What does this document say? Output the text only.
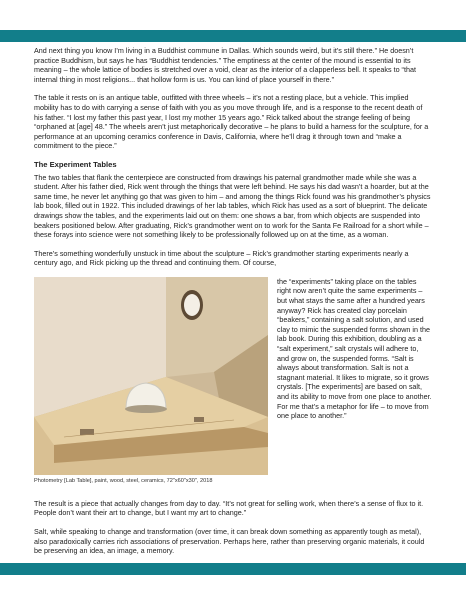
And next thing you know I’m living in a Buddhist commune in Dallas. Which sounds weird, but it’s still there.” He doesn’t practice Buddhism, but says he has “Buddhist tendencies.” The emptiness at the center of the mound is essential to its meaning – the whole lattice of bodies is stretched over a void, clear as the interior of a clapperless bell. It speaks to “that internal thing in most religions... that hollow form is us. You can kind of place yourself in there.”

The table it rests on is an antique table, outfitted with three wheels – it’s not a resting place, but a vehicle. This implied mobility has to do with carrying a sense of faith with you as you move through life, and is a response to the recent death of his father. “I lost my father this past year, I lost my mother 15 years ago.” Rick talked about the strange feeling of being “orphaned at [age] 48.” The wheels aren’t just metaphorically decorative – he plans to build a harness for the sculpture, for a performance at an upcoming ceramics conference in Davis, California, where he’ll drag it through town and “make a commitment to the piece.”

The Experiment Tables

The two tables that flank the centerpiece are constructed from drawings his paternal grandmother made while she was a student. After his father died, Rick went through the things that were left behind. He says his dad wasn’t a hoarder, but at the same time, he never let anything go that was given to him – and among the things Rick found was his grandmother’s physics lab book, filled out in 1922. This included drawings of her lab tables, which Rick has used as a sort of blueprint. The delicate drawings show the tables, and the experiments laid out on them: one shows a bar, from which objects are suspended into beakers positioned below. After graduating, Rick’s grandmother went on to work for the Santa Fe Railroad for a short while – these forays into science were not something likely to be professionally followed up on at the time, as a woman.

There’s something wonderfully unstuck in time about the sculpture – Rick’s grandmother starting experiments nearly a century ago, and Rick picking up the thread and continuing them. Of course,

Photometry [Lab Table], paint, wood, steel, ceramics, 72"x60"x30", 2018

the “experiments” taking place on the tables right now aren’t quite the same experiments – but what stays the same after a hundred years anyway? Rick has created clay porcelain “beakers,” containing a salt solution, and used clay to mimic the suspended forms shown in the lab book. During this exhibition, doubling as a “salt experiment,” salt crystals will adhere to, and grow on, the suspended forms. “Salt is always about transformation. Salt is not a stagnant material. It likes to migrate, so it grows crystals. [The experiments] are based on salt, and its ability to move from one place to another. For me that’s a metaphor for life – to move from one place to another.”

The result is a piece that actually changes from day to day. “It’s not great for selling work, when there’s a sense of flux to it. People don’t want their art to change, but I want my art to change.”

Salt, while speaking to change and transformation (over time, it can break down something as apparently tough as metal), also paradoxically carries rich associations of preservation. Perhaps here, rather than preserving organic materials, it could be preserving an idea, an image, a memory.
